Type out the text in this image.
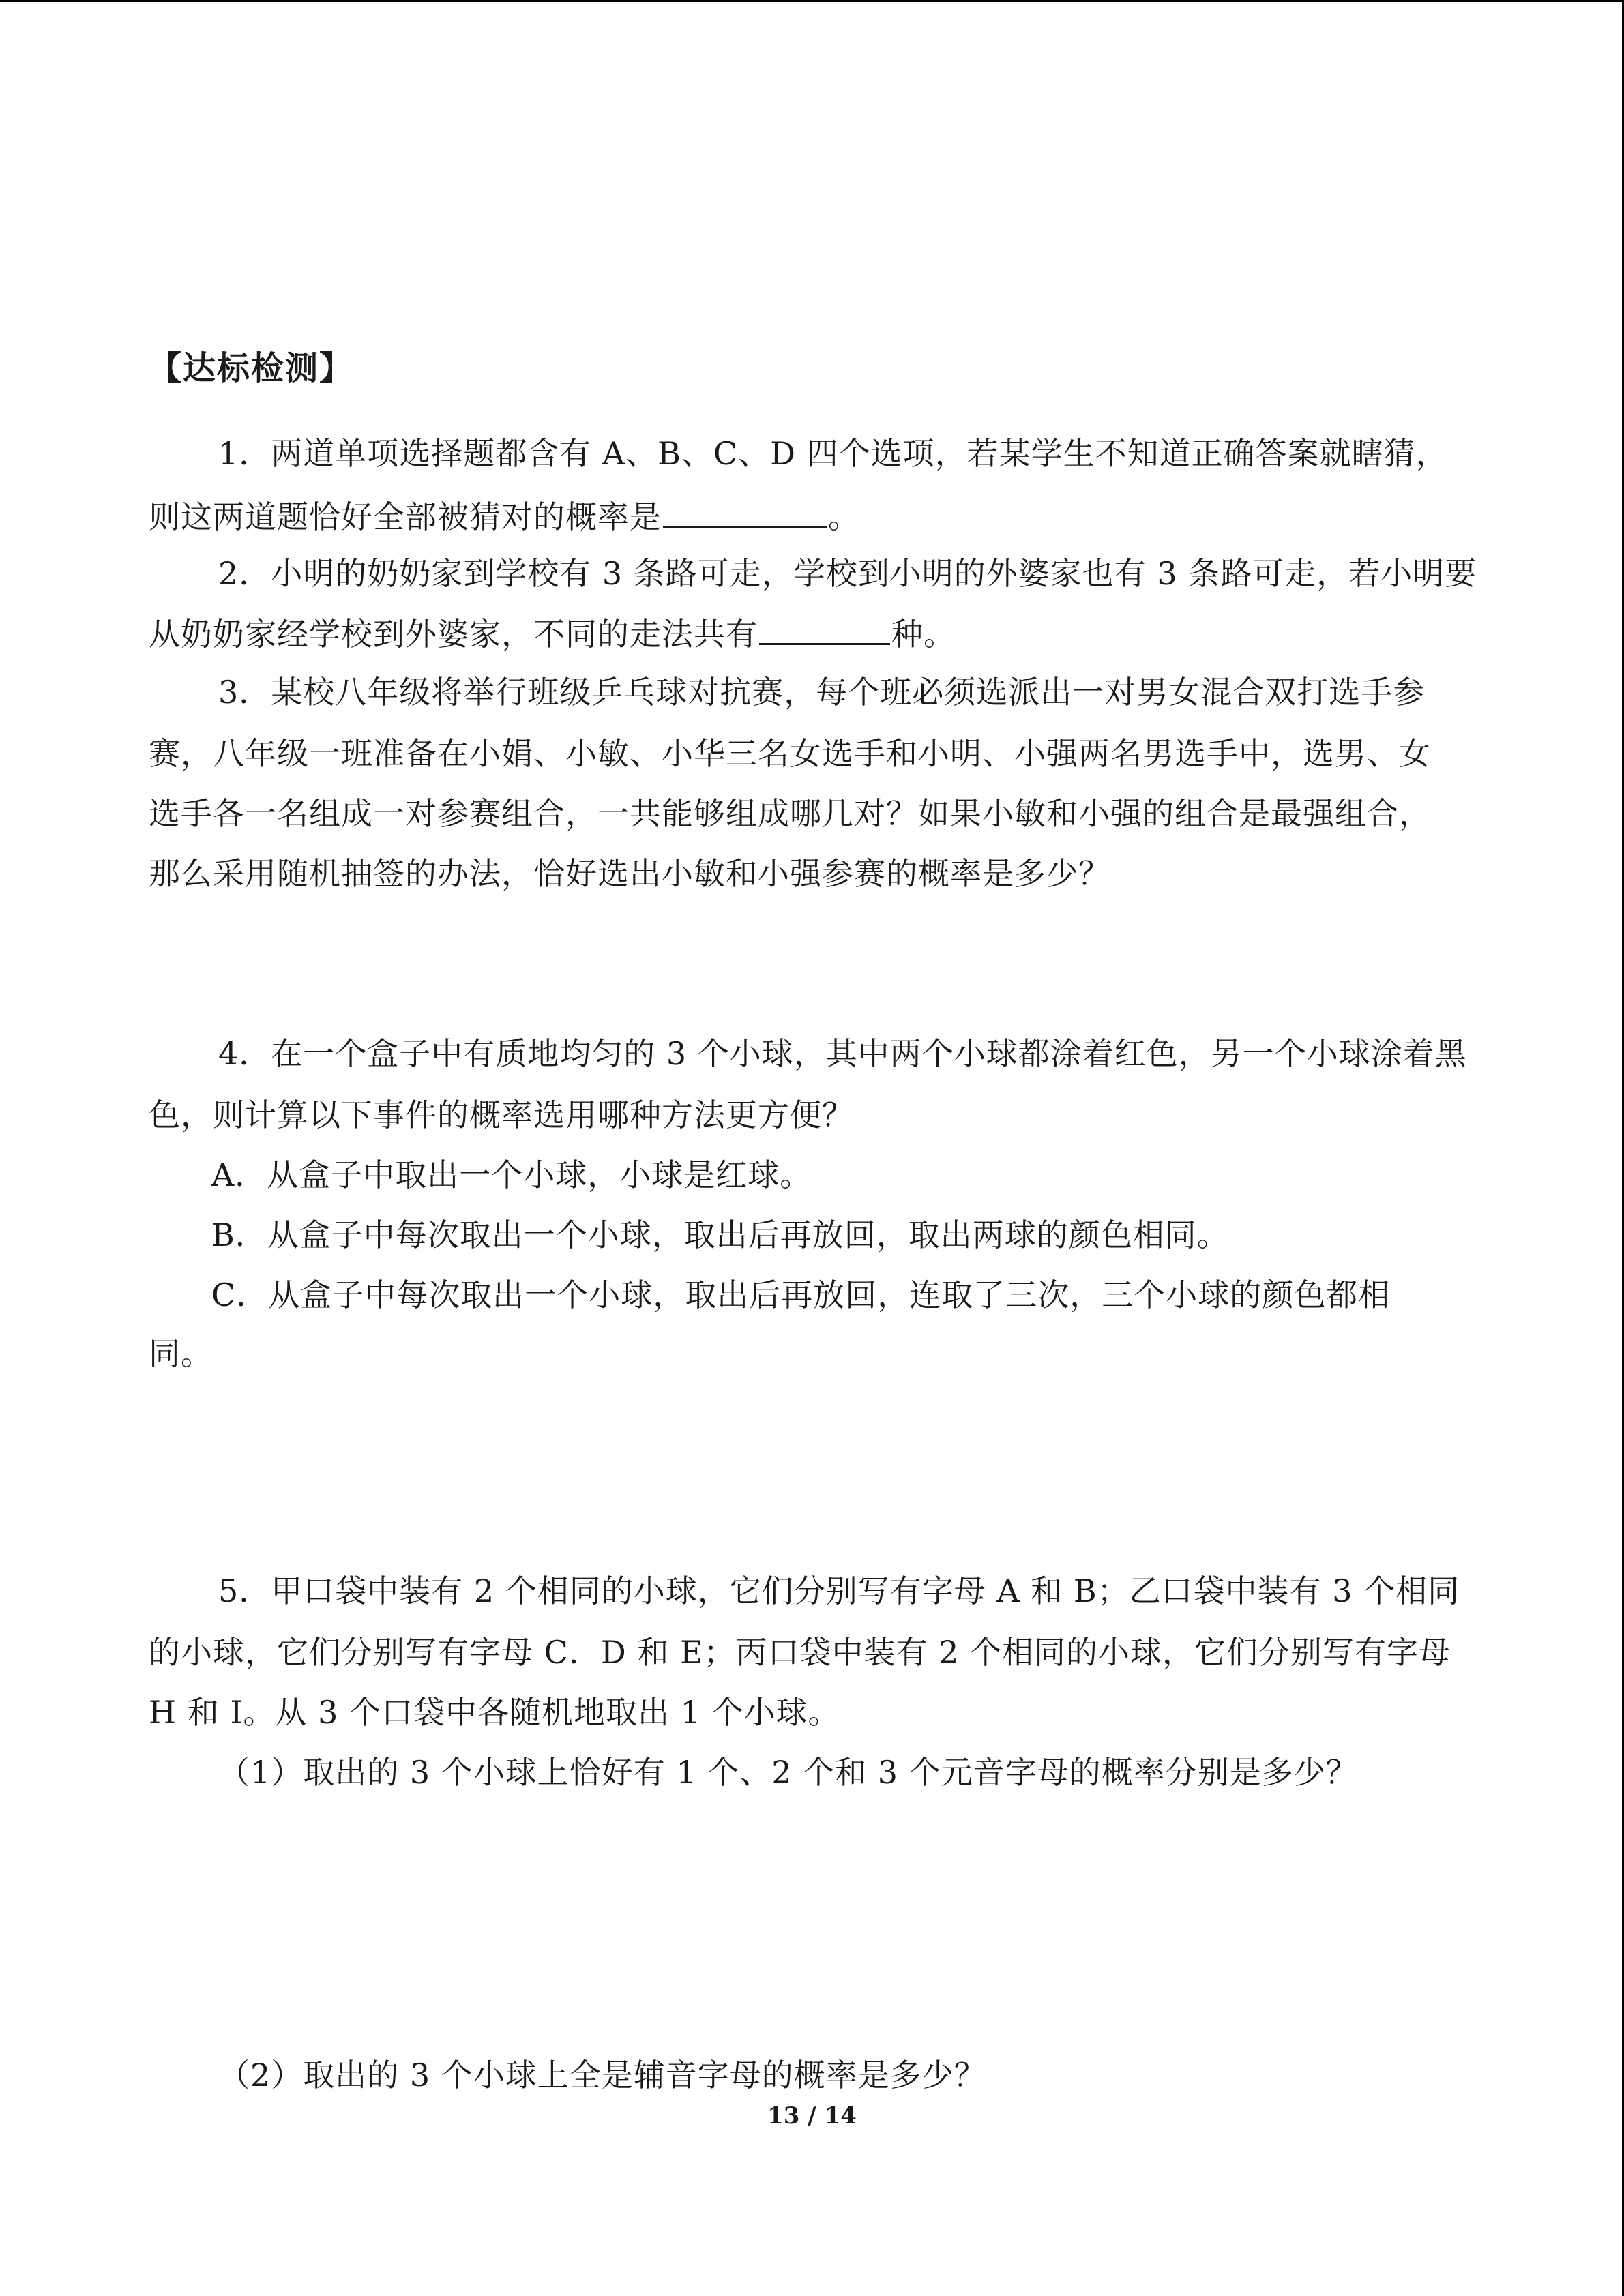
【达标检测】
1．两道单项选择题都含有 A、B、C、D 四个选项，若某学生不知道正确答案就瞎猜，
则这两道题恰好全部被猜对的概率是	。
2．小明的奶奶家到学校有 3 条路可走，学校到小明的外婆家也有 3 条路可走，若小明要
从奶奶家经学校到外婆家，不同的走法共有	种。
3．某校八年级将举行班级乒乓球对抗赛，每个班必须选派出一对男女混合双打选手参
赛，八年级一班准备在小娟、小敏、小华三名女选手和小明、小强两名男选手中，选男、女
选手各一名组成一对参赛组合，一共能够组成哪几对？如果小敏和小强的组合是最强组合，
那么采用随机抽签的办法，恰好选出小敏和小强参赛的概率是多少？
4．在一个盒子中有质地均匀的 3 个小球，其中两个小球都涂着红色，另一个小球涂着黑
色，则计算以下事件的概率选用哪种方法更方便？
A．从盒子中取出一个小球，小球是红球。
B．从盒子中每次取出一个小球，取出后再放回，取出两球的颜色相同。
C．从盒子中每次取出一个小球，取出后再放回，连取了三次，三个小球的颜色都相
同。
5．甲口袋中装有 2 个相同的小球，它们分别写有字母 A 和 B；乙口袋中装有 3 个相同
的小球，它们分别写有字母 C．D 和 E；丙口袋中装有 2 个相同的小球，它们分别写有字母
H 和 I。从 3 个口袋中各随机地取出 1 个小球。
（1）取出的 3 个小球上恰好有 1 个、2 个和 3 个元音字母的概率分别是多少？
（2）取出的 3 个小球上全是辅音字母的概率是多少？
13 / 14
